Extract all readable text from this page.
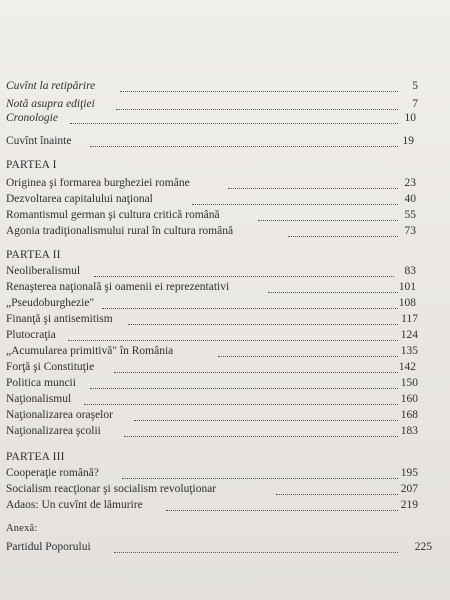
Cuvînt la retipărire	5
Notă asupra ediţiei	7
Cronologie	10
Cuvînt înainte	19
PARTEA I
Originea şi formarea burgheziei române	23
Dezvoltarea capitalului naţional	40
Romantismul german şi cultura critică română	55
Agonia tradiţionalismului rural în cultura română	73
PARTEA II
Neoliberalismul	83
Renaşterea naţională şi oamenii ei reprezentativi	101
„Pseudoburghezie"	108
Finanţă şi antisemitism	117
Plutocraţia	124
„Acumularea primitivă" în România	135
Forţă şi Constituţie	142
Politica muncii	150
Naţionalismul	160
Naţionalizarea oraşelor	168
Naţionalizarea şcolii	183
PARTEA III
Cooperaţie română?	195
Socialism reacţionar şi socialism revoluţionar	207
Adaos: Un cuvînt de lămurire	219
Anexă:
Partidul Poporului	225
